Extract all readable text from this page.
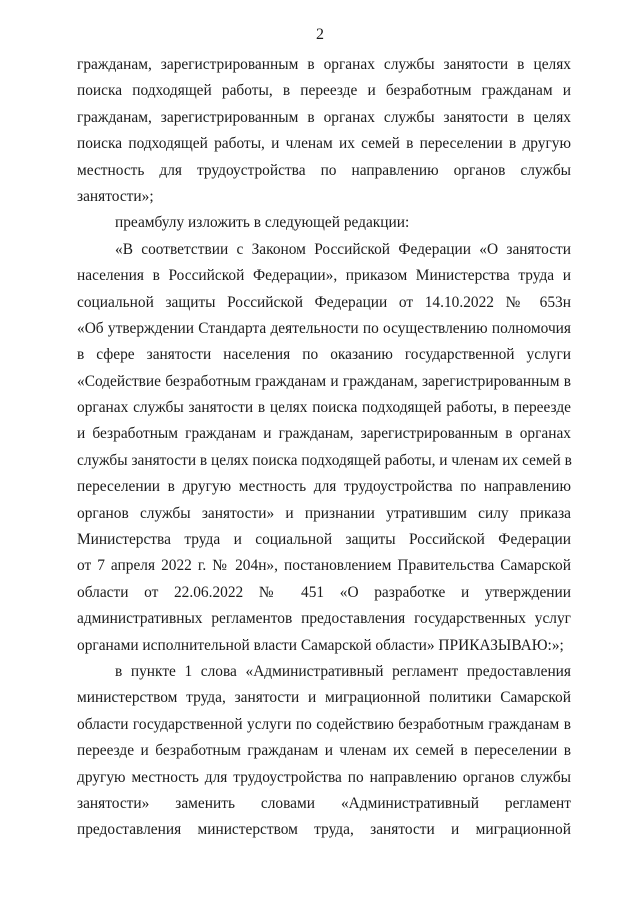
2
гражданам, зарегистрированным в органах службы занятости в целях
поиска подходящей работы, в переезде и безработным гражданам и
гражданам, зарегистрированным в органах службы занятости в целях
поиска подходящей работы, и членам их семей в переселении в другую
местность для трудоустройства по направлению органов службы
занятости»;
преамбулу изложить в следующей редакции:
«В соответствии с Законом Российской Федерации «О занятости
населения в Российской Федерации», приказом Министерства труда и
социальной защиты Российской Федерации от 14.10.2022 № 653н
«Об утверждении Стандарта деятельности по осуществлению полномочия
в сфере занятости населения по оказанию государственной услуги
«Содействие безработным гражданам и гражданам, зарегистрированным в
органах службы занятости в целях поиска подходящей работы, в переезде
и безработным гражданам и гражданам, зарегистрированным в органах
службы занятости в целях поиска подходящей работы, и членам их семей в
переселении в другую местность для трудоустройства по направлению
органов службы занятости» и признании утратившим силу приказа
Министерства труда и социальной защиты Российской Федерации
от 7 апреля 2022 г. № 204н», постановлением Правительства Самарской
области от 22.06.2022 № 451 «О разработке и утверждении
административных регламентов предоставления государственных услуг
органами исполнительной власти Самарской области» ПРИКАЗЫВАЮ:»;
в пункте 1 слова «Административный регламент предоставления
министерством труда, занятости и миграционной политики Самарской
области государственной услуги по содействию безработным гражданам в
переезде и безработным гражданам и членам их семей в переселении в
другую местность для трудоустройства по направлению органов службы
занятости» заменить словами «Административный регламент
предоставления министерством труда, занятости и миграционной
